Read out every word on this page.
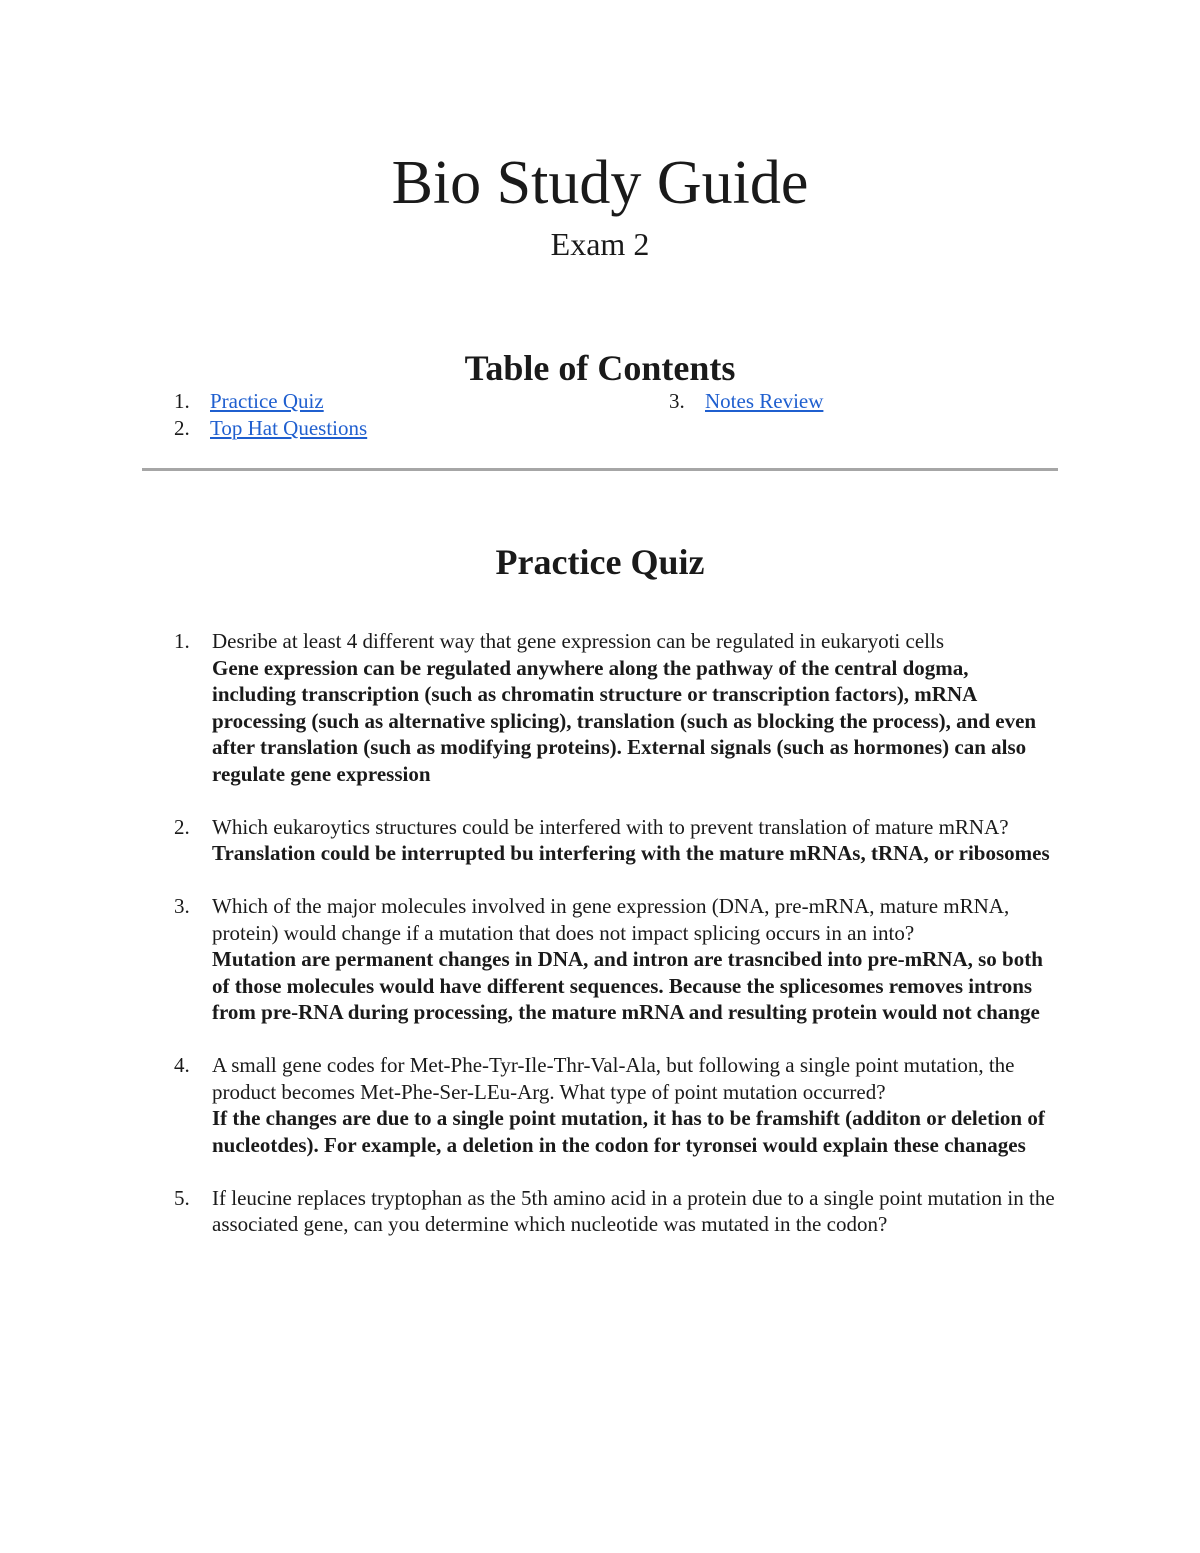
Bio Study Guide
Exam 2
Table of Contents
1. Practice Quiz
2. Top Hat Questions
3. Notes Review
Practice Quiz
1. Desribe at least 4 different way that gene expression can be regulated in eukaryoti cells
Gene expression can be regulated anywhere along the pathway of the central dogma, including transcription (such as chromatin structure or transcription factors), mRNA processing (such as alternative splicing), translation (such as blocking the process), and even after translation (such as modifying proteins). External signals (such as hormones) can also regulate gene expression
2. Which eukaroytics structures could be interfered with to prevent translation of mature mRNA?
Translation could be interrupted bu interfering with the mature mRNAs, tRNA, or ribosomes
3. Which of the major molecules involved in gene expression (DNA, pre-mRNA, mature mRNA, protein) would change if a mutation that does not impact splicing occurs in an into?
Mutation are permanent changes in DNA, and intron are trasncibed into pre-mRNA, so both of those molecules would have different sequences. Because the splicesomes removes introns from pre-RNA during processing, the mature mRNA and resulting protein would not change
4. A small gene codes for Met-Phe-Tyr-Ile-Thr-Val-Ala, but following a single point mutation, the product becomes Met-Phe-Ser-LEu-Arg. What type of point mutation occurred?
If the changes are due to a single point mutation, it has to be framshift (additon or deletion of nucleotdes). For example, a deletion in the codon for tyronsei would explain these chanages
5. If leucine replaces tryptophan as the 5th amino acid in a protein due to a single point mutation in the associated gene, can you determine which nucleotide was mutated in the codon?
